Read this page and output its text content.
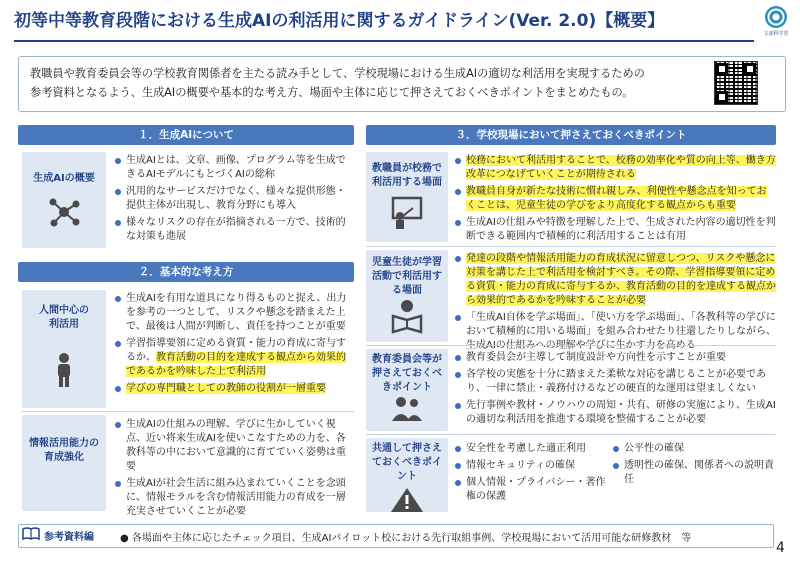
初等中等教育段階における生成AIの利活用に関するガイドライン(Ver. 2.0)【概要】
文部科学省
教職員や教育委員会等の学校教育関係者を主たる読み手として、学校現場における生成AIの適切な利活用を実現するための
参考資料となるよう、生成AIの概要や基本的な考え方、場面や主体に応じて押さえておくべきポイントをまとめたもの。
１．生成AIについて
生成AIの概要
生成AIとは、文章、画像、プログラム等を生成できるAIモデルにもとづくAIの総称
汎用的なサービスだけでなく、様々な提供形態・提供主体が出現し、教育分野にも導入
様々なリスクの存在が指摘される一方で、技術的な対策も進展
２．基本的な考え方
人間中心の利活用
生成AIを有用な道具になり得るものと捉え、出力を参考の一つとして、リスクや懸念を踏まえた上で、最後は人間が判断し、責任を持つことが重要
学習指導要領に定める資質・能力の育成に寄与するか、教育活動の目的を達成する観点から効果的であるかを吟味した上で利活用
学びの専門職としての教師の役割が一層重要
情報活用能力の育成強化
生成AIの仕組みの理解、学びに生かしていく視点、近い将来生成AIを使いこなすための力を、各教科等の中において意識的に育てていく姿勢は重要
生成AIが社会生活に組み込まれていくことを念頭に、情報モラルを含む情報活用能力の育成を一層充実させていくことが必要
３．学校現場において押さえておくべきポイント
教職員が校務で利活用する場面
校務において利活用することで、校務の効率化や質の向上等、働き方改革につなげていくことが期待される
教職員自身が新たな技術に慣れ親しみ、利便性や懸念点を知っておくことは、児童生徒の学びをより高度化する観点からも重要
生成AIの仕組みや特徴を理解した上で、生成された内容の適切性を判断できる範囲内で積極的に利活用することは有用
児童生徒が学習活動で利活用する場面
発達の段階や情報活用能力の育成状況に留意しつつ、リスクや懸念に対策を講じた上で利活用を検討すべき。その際、学習指導要領に定める資質・能力の育成に寄与するか、教育活動の目的を達成する観点から効果的であるかを吟味することが必要
「生成AI自体を学ぶ場面」、「使い方を学ぶ場面」、「各教科等の学びにおいて積極的に用いる場面」を組み合わせたり往還したりしながら、
教育委員会等が押さえておくべきポイント
教育委員会が主導して制度設計や方向性を示すことが重要
各学校の実態を十分に踏まえた柔軟な対応を講じることが必要であり、一律に禁止・義務付けるなどの硬直的な運用は望ましくない
先行事例や教材・ノウハウの周知・共有、研修の実施により、生成AIの適切な利活用を推進する環境を整備することが必要
共通して押さえておくべきポイント
安全性を考慮した適正利用
情報セキュリティの確保
個人情報・プライバシー・著作権の保護
公平性の確保
透明性の確保、関係者への説明責任
参考資料編	● 各場面や主体に応じたチェック項目、生成AIパイロット校における先行取組事例、学校現場において活用可能な研修教材　等
4
